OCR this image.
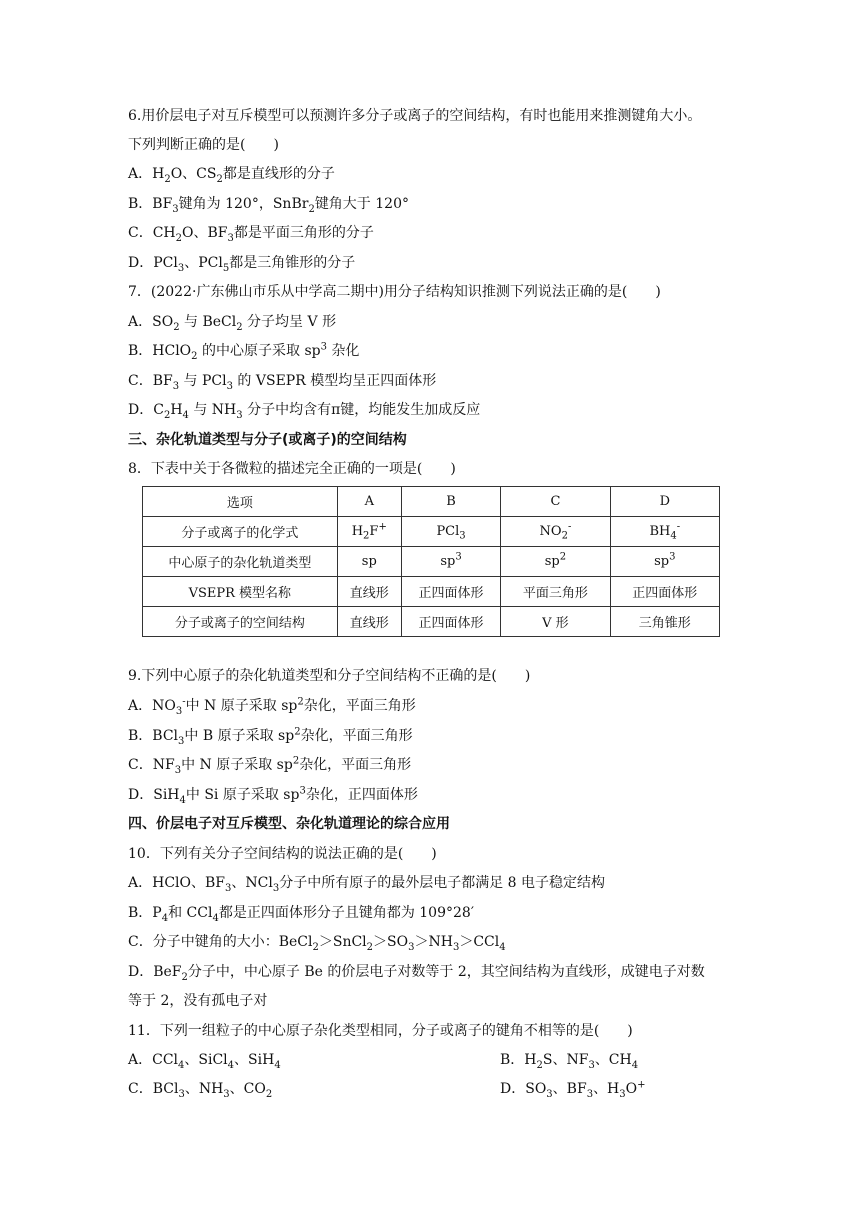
6.用价层电子对互斥模型可以预测许多分子或离子的空间结构，有时也能用来推测键角大小。
下列判断正确的是(　　)
A．$H_2O$、$CS_2$都是直线形的分子
B．$BF_3$键角为 120°，SnBr$_2$键角大于 120°
C．$CH_2O$、$BF_3$都是平面三角形的分子
D．PCl$_3$、PCl$_5$都是三角锥形的分子
7．(2022·广东佛山市乐从中学高二期中)用分子结构知识推测下列说法正确的是(　　)
A．$SO_2$ 与 BeCl$_2$ 分子均呈 V 形
B．HClO$_2$ 的中心原子采取 $sp^3$ 杂化
C．$BF_3$ 与 PCl$_3$ 的 VSEPR 模型均呈正四面体形
D．$C_2H_4$ 与 $NH_3$ 分子中均含有π键，均能发生加成反应
三、杂化轨道类型与分子(或离子)的空间结构
8．下表中关于各微粒的描述完全正确的一项是(　　)
选项	A	B	C	D
分子或离子的化学式	$H_2F^+$	PCl$_3$	$NO_2^-$	$BH_4^-$
中心原子的杂化轨道类型	sp	$sp^3$	$sp^2$	$sp^3$
VSEPR 模型名称	直线形	正四面体形	平面三角形	正四面体形
分子或离子的空间结构	直线形	正四面体形	V 形	三角锥形
9.下列中心原子的杂化轨道类型和分子空间结构不正确的是(　　)
A．$NO_3^-$中 N 原子采取 $sp^2$杂化，平面三角形
B．BCl$_3$中 B 原子采取 $sp^2$杂化，平面三角形
C．$NF_3$中 N 原子采取 $sp^2$杂化，平面三角形
D．SiH$_4$中 Si 原子采取 $sp^3$杂化，正四面体形
四、价层电子对互斥模型、杂化轨道理论的综合应用
10．下列有关分子空间结构的说法正确的是(　　)
A．HClO、$BF_3$、NCl$_3$分子中所有原子的最外层电子都满足 8 电子稳定结构
B．$P_4$和 CCl$_4$都是正四面体形分子且键角都为 109°28′
C．分子中键角的大小：$BeCl_2>SnCl_2>SO_3>NH_3>CCl_4$
D．BeF$_2$分子中，中心原子 Be 的价层电子对数等于 2，其空间结构为直线形，成键电子对数
等于 2，没有孤电子对
11．下列一组粒子的中心原子杂化类型相同，分子或离子的键角不相等的是(　　)
A．CCl$_4$、SiCl$_4$、SiH$_4$	B．$H_2S$、$NF_3$、$CH_4$
C．BCl$_3$、$NH_3$、$CO_2$	D．$SO_3$、$BF_3$、$H_3O^+$
